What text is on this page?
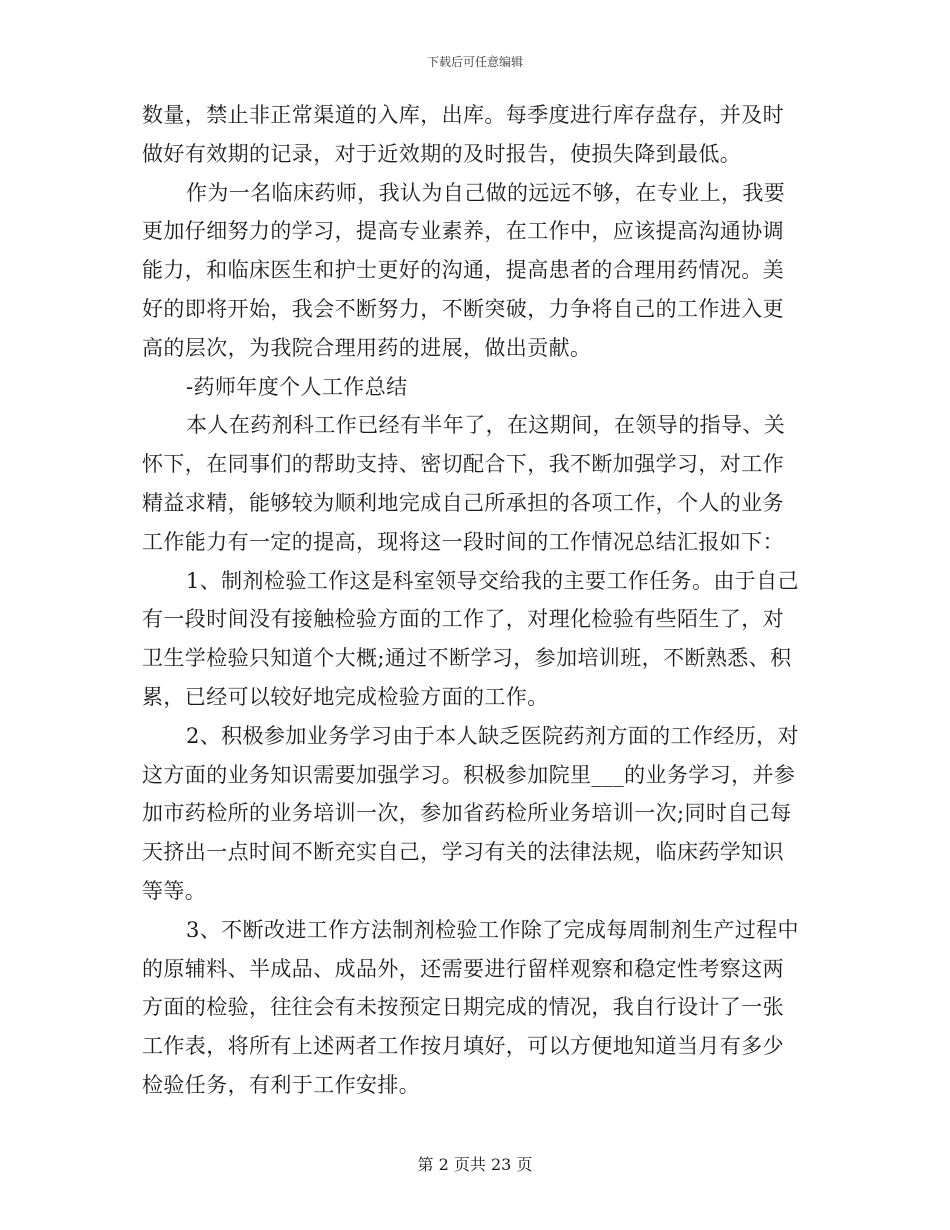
下载后可任意编辑
数量，禁止非正常渠道的入库，出库。每季度进行库存盘存，并及时
做好有效期的记录，对于近效期的及时报告，使损失降到最低。
作为一名临床药师，我认为自己做的远远不够，在专业上，我要
更加仔细努力的学习，提高专业素养，在工作中，应该提高沟通协调
能力，和临床医生和护士更好的沟通，提高患者的合理用药情况。美
好的即将开始，我会不断努力，不断突破，力争将自己的工作进入更
高的层次，为我院合理用药的进展，做出贡献。
-药师年度个人工作总结
本人在药剂科工作已经有半年了，在这期间，在领导的指导、关
怀下，在同事们的帮助支持、密切配合下，我不断加强学习，对工作
精益求精，能够较为顺利地完成自己所承担的各项工作，个人的业务
工作能力有一定的提高，现将这一段时间的工作情况总结汇报如下：
1、制剂检验工作这是科室领导交给我的主要工作任务。由于自己
有一段时间没有接触检验方面的工作了，对理化检验有些陌生了，对
卫生学检验只知道个大概;通过不断学习，参加培训班，不断熟悉、积
累，已经可以较好地完成检验方面的工作。
2、积极参加业务学习由于本人缺乏医院药剂方面的工作经历，对
这方面的业务知识需要加强学习。积极参加院里___的业务学习，并参
加市药检所的业务培训一次，参加省药检所业务培训一次;同时自己每
天挤出一点时间不断充实自己，学习有关的法律法规，临床药学知识
等等。
3、不断改进工作方法制剂检验工作除了完成每周制剂生产过程中
的原辅料、半成品、成品外，还需要进行留样观察和稳定性考察这两
方面的检验，往往会有未按预定日期完成的情况，我自行设计了一张
工作表，将所有上述两者工作按月填好，可以方便地知道当月有多少
检验任务，有利于工作安排。
第 2 页共 23 页
